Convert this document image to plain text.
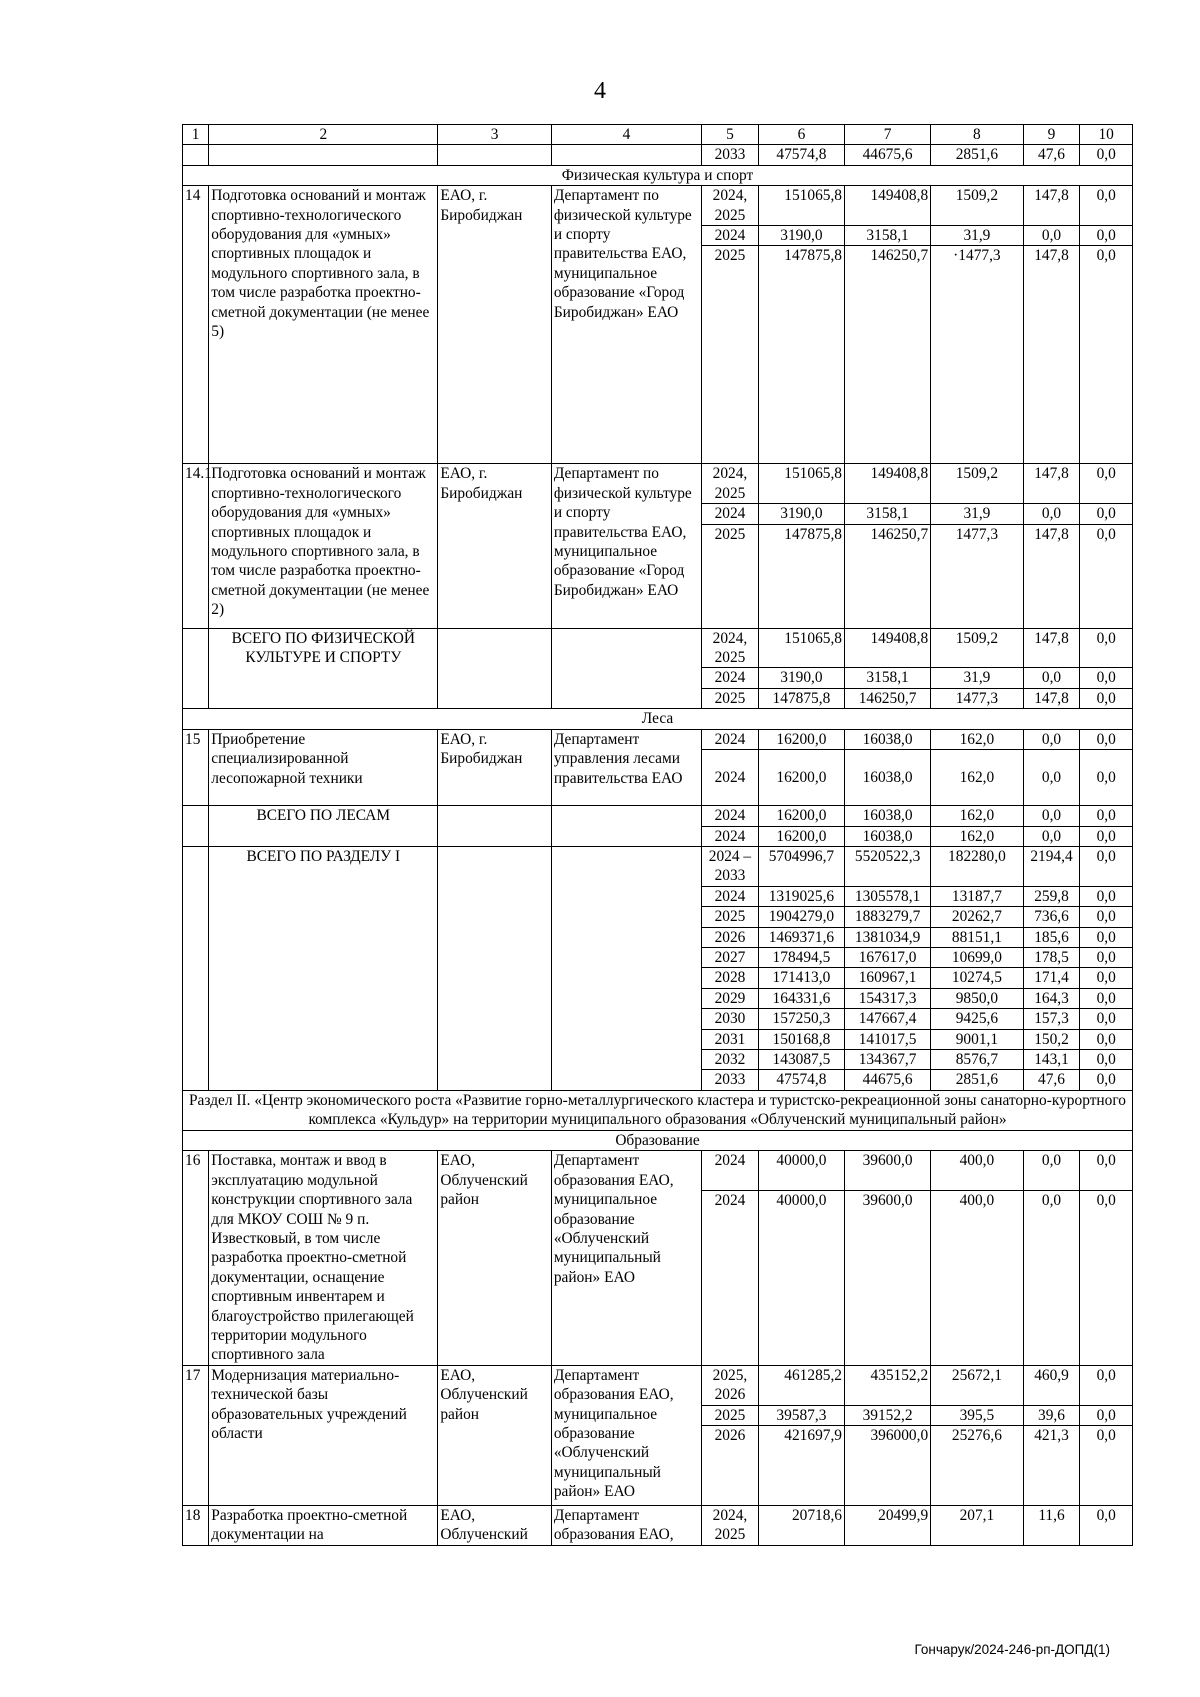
4
1	2	3	4	5	6	7	8	9	10
				2033	47574,8	44675,6	2851,6	47,6	0,0
Физическая культура и спорт									
14	Подготовка оснований и монтаж спортивно-технологического оборудования для «умных» спортивных площадок и модульного спортивного зала, в том числе разработка проектно-сметной документации (не менее 5)	ЕАО, г. Биробиджан	Департамент по физической культуре и спорту правительства ЕАО, муниципальное образование «Город Биробиджан» ЕАО	2024, 2025	151065,8	149408,8	1509,2	147,8	0,0
				2024	3190,0	3158,1	31,9	0,0	0,0
				2025	147875,8	146250,7	·1477,3	147,8	0,0
14.1	Подготовка оснований и монтаж спортивно-технологического оборудования для «умных» спортивных площадок и модульного спортивного зала, в том числе разработка проектно-сметной документации (не менее 2)	ЕАО, г. Биробиджан	Департамент по физической культуре и спорту правительства ЕАО, муниципальное образование «Город Биробиджан» ЕАО	2024, 2025	151065,8	149408,8	1509,2	147,8	0,0
				2024	3190,0	3158,1	31,9	0,0	0,0
				2025	147875,8	146250,7	1477,3	147,8	0,0
	ВСЕГО ПО ФИЗИЧЕСКОЙ КУЛЬТУРЕ И СПОРТУ			2024, 2025	151065,8	149408,8	1509,2	147,8	0,0
				2024	3190,0	3158,1	31,9	0,0	0,0
				2025	147875,8	146250,7	1477,3	147,8	0,0
Леса									
15	Приобретение специализированной лесопожарной техники	ЕАО, г. Биробиджан	Департамент управления лесами правительства ЕАО	2024	16200,0	16038,0	162,0	0,0	0,0
				2024	16200,0	16038,0	162,0	0,0	0,0
	ВСЕГО ПО ЛЕСАМ			2024	16200,0	16038,0	162,0	0,0	0,0
				2024	16200,0	16038,0	162,0	0,0	0,0
	ВСЕГО ПО РАЗДЕЛУ I			2024 – 2033	5704996,7	5520522,3	182280,0	2194,4	0,0
				2024	1319025,6	1305578,1	13187,7	259,8	0,0
				2025	1904279,0	1883279,7	20262,7	736,6	0,0
				2026	1469371,6	1381034,9	88151,1	185,6	0,0
				2027	178494,5	167617,0	10699,0	178,5	0,0
				2028	171413,0	160967,1	10274,5	171,4	0,0
				2029	164331,6	154317,3	9850,0	164,3	0,0
				2030	157250,3	147667,4	9425,6	157,3	0,0
				2031	150168,8	141017,5	9001,1	150,2	0,0
				2032	143087,5	134367,7	8576,7	143,1	0,0
				2033	47574,8	44675,6	2851,6	47,6	0,0
Раздел II. «Центр экономического роста «Развитие горно-металлургического кластера и туристско-рекреационной зоны санаторно-курортного комплекса «Кульдур» на территории муниципального образования «Облученский муниципальный район»									
Образование									
16	Поставка, монтаж и ввод в эксплуатацию модульной конструкции спортивного зала для МКОУ СОШ № 9 п. Известковый, в том числе разработка проектно-сметной документации, оснащение спортивным инвентарем и благоустройство прилегающей территории модульного спортивного зала	ЕАО, Облученский район	Департамент образования ЕАО, муниципальное образование «Облученский муниципальный район» ЕАО	2024	40000,0	39600,0	400,0	0,0	0,0
				2024	40000,0	39600,0	400,0	0,0	0,0
17	Модернизация материально-технической базы образовательных учреждений области	ЕАО, Облученский район	Департамент образования ЕАО, муниципальное образование «Облученский муниципальный район» ЕАО	2025, 2026	461285,2	435152,2	25672,1	460,9	0,0
				2025	39587,3	39152,2	395,5	39,6	0,0
				2026	421697,9	396000,0	25276,6	421,3	0,0
18	Разработка проектно-сметной документации на	ЕАО, Облученский	Департамент образования ЕАО,	2024, 2025	20718,6	20499,9	207,1	11,6	0,0
Гончарук/2024-246-рп-ДОПД(1)
